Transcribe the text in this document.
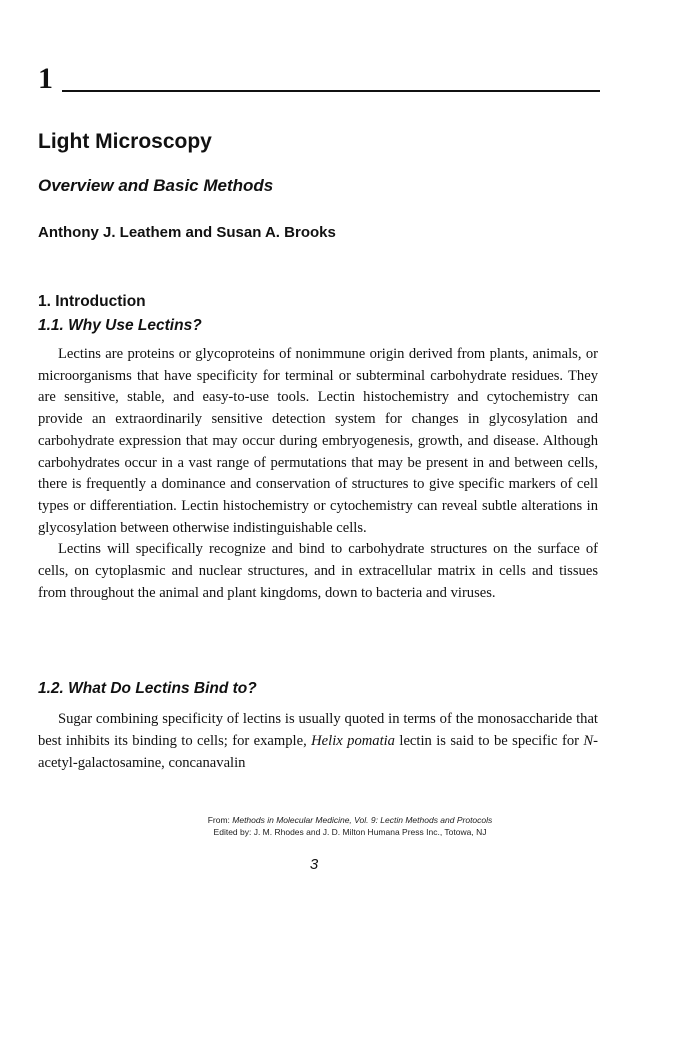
1
Light Microscopy
Overview and Basic Methods

Anthony J. Leathem and Susan A. Brooks

1. Introduction
1.1. Why Use Lectins?

Lectins are proteins or glycoproteins of nonimmune origin derived from plants, animals, or microorganisms that have specificity for terminal or subterminal carbohydrate residues. They are sensitive, stable, and easy-to-use tools. Lectin histochemistry and cytochemistry can provide an extraordinarily sensitive detection system for changes in glycosylation and carbohydrate expression that may occur during embryogenesis, growth, and disease. Although carbohydrates occur in a vast range of permutations that may be present in and between cells, there is frequently a dominance and conservation of structures to give specific markers of cell types or differentiation. Lectin histochemistry or cytochemistry can reveal subtle alterations in glycosylation between otherwise indistinguishable cells.

Lectins will specifically recognize and bind to carbohydrate structures on the surface of cells, on cytoplasmic and nuclear structures, and in extracellular matrix in cells and tissues from throughout the animal and plant kingdoms, down to bacteria and viruses.

1.2. What Do Lectins Bind to?

Sugar combining specificity of lectins is usually quoted in terms of the monosaccharide that best inhibits its binding to cells; for example, Helix pomatia lectin is said to be specific for N-acetyl-galactosamine, concanavalin

From: Methods in Molecular Medicine, Vol. 9: Lectin Methods and Protocols
Edited by: J. M. Rhodes and J. D. Milton Humana Press Inc., Totowa, NJ
3
